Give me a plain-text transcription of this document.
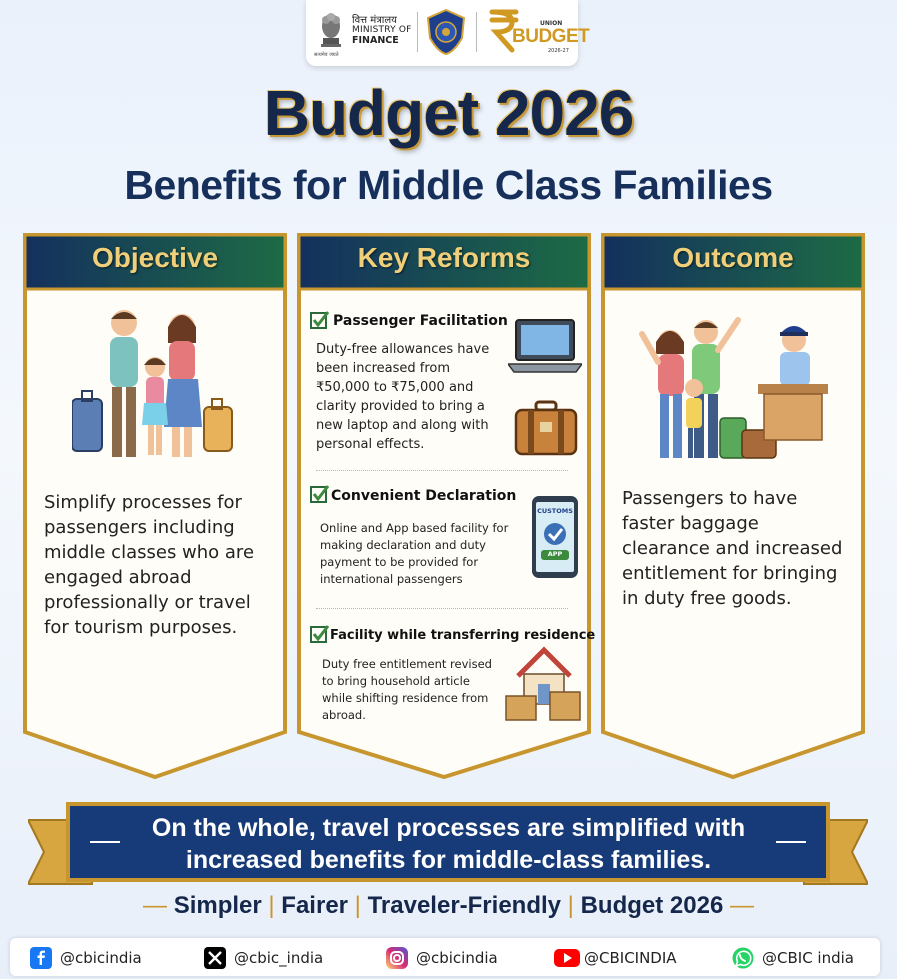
सत्यमेव जयते
वित्त मंत्रालय
MINISTRY OF
FINANCE
UNION
BUDGET
2026-27
Budget 2026
Benefits for Middle Class Families
Objective
Simplify processes for passengers including middle classes who are engaged abroad professionally or travel for tourism purposes.
Key Reforms
Passenger Facilitation
Duty-free allowances have been increased from ₹50,000 to ₹75,000 and clarity provided to bring a new laptop and along with personal effects.
Convenient Declaration
Online and App based facility for making declaration and duty payment to be provided for international passengers
CUSTOMS
APP
Facility while transferring residence
Duty free entitlement revised to bring household article while shifting residence from abroad.
Outcome
Passengers to have faster baggage clearance and increased entitlement for bringing in duty free goods.
On the whole, travel processes are simplified with
increased benefits for middle-class families.
— Simpler | Fairer | Traveler-Friendly | Budget 2026 —
@cbicindia	@cbic_india	@cbicindia	@CBICINDIA	@CBIC india
